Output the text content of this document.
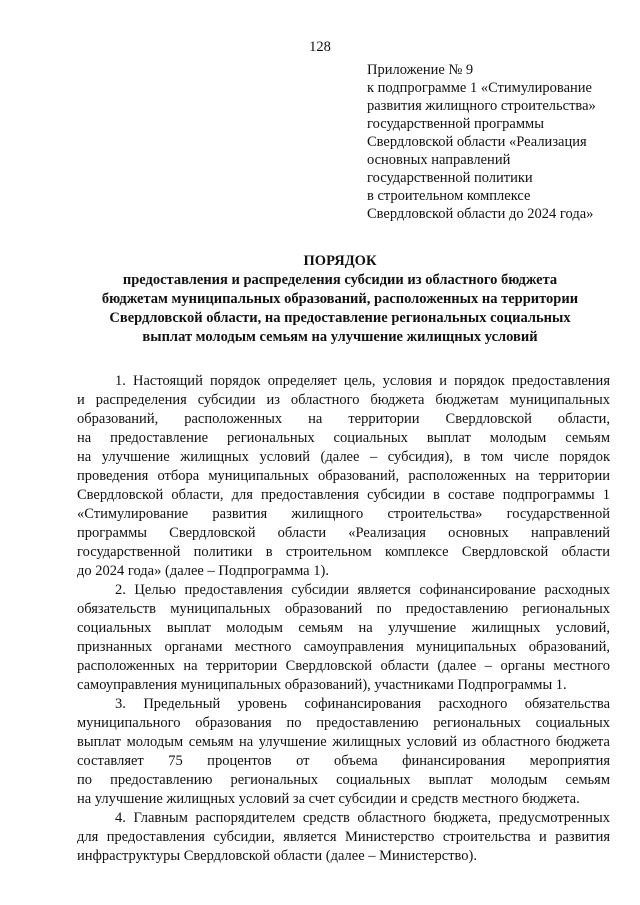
128
Приложение № 9
к подпрограмме 1 «Стимулирование
развития жилищного строительства»
государственной программы
Свердловской области «Реализация
основных направлений
государственной политики
в строительном комплексе
Свердловской области до 2024 года»
ПОРЯДОК
предоставления и распределения субсидии из областного бюджета
бюджетам муниципальных образований, расположенных на территории
Свердловской области, на предоставление региональных социальных
выплат молодым семьям на улучшение жилищных условий
1. Настоящий порядок определяет цель, условия и порядок предоставления
и распределения субсидии из областного бюджета бюджетам муниципальных
образований, расположенных на территории Свердловской области,
на предоставление региональных социальных выплат молодым семьям
на улучшение жилищных условий (далее – субсидия), в том числе порядок
проведения отбора муниципальных образований, расположенных на территории
Свердловской области, для предоставления субсидии в составе подпрограммы 1
«Стимулирование развития жилищного строительства» государственной
программы Свердловской области «Реализация основных направлений
государственной политики в строительном комплексе Свердловской области
до 2024 года» (далее – Подпрограмма 1).
2. Целью предоставления субсидии является софинансирование расходных
обязательств муниципальных образований по предоставлению региональных
социальных выплат молодым семьям на улучшение жилищных условий,
признанных органами местного самоуправления муниципальных образований,
расположенных на территории Свердловской области (далее – органы местного
самоуправления муниципальных образований), участниками Подпрограммы 1.
3. Предельный уровень софинансирования расходного обязательства
муниципального образования по предоставлению региональных социальных
выплат молодым семьям на улучшение жилищных условий из областного бюджета
составляет 75 процентов от объема финансирования мероприятия
по предоставлению региональных социальных выплат молодым семьям
на улучшение жилищных условий за счет субсидии и средств местного бюджета.
4. Главным распорядителем средств областного бюджета, предусмотренных
для предоставления субсидии, является Министерство строительства и развития
инфраструктуры Свердловской области (далее – Министерство).
